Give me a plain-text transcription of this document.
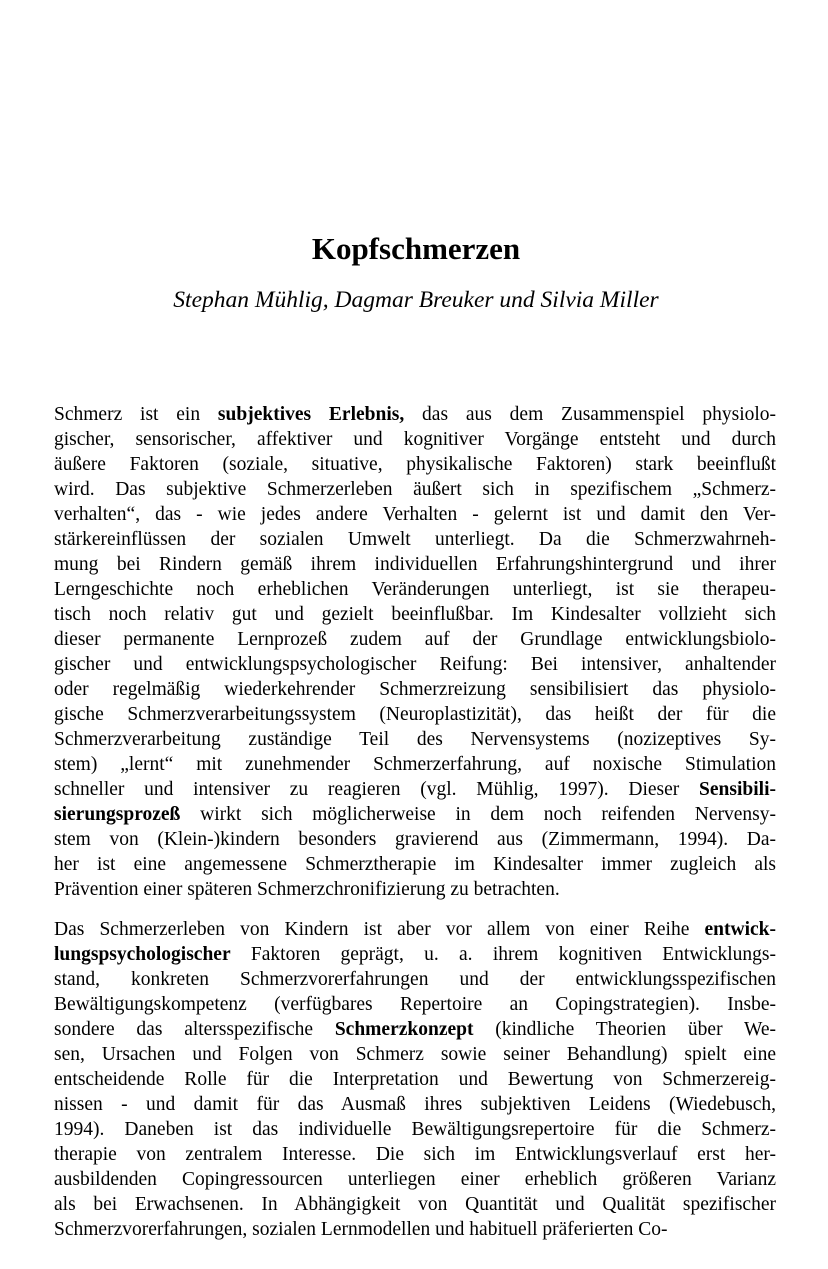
Kopfschmerzen
Stephan Mühlig, Dagmar Breuker und Silvia Miller
Schmerz ist ein subjektives Erlebnis, das aus dem Zusammenspiel physiolo-
gischer, sensorischer, affektiver und kognitiver Vorgänge entsteht und durch
äußere Faktoren (soziale, situative, physikalische Faktoren) stark beeinflußt
wird. Das subjektive Schmerzerleben äußert sich in spezifischem „Schmerz-
verhalten“, das - wie jedes andere Verhalten - gelernt ist und damit den Ver-
stärkereinflüssen der sozialen Umwelt unterliegt. Da die Schmerzwahrneh-
mung bei Rindern gemäß ihrem individuellen Erfahrungshintergrund und ihrer
Lerngeschichte noch erheblichen Veränderungen unterliegt, ist sie therapeu-
tisch noch relativ gut und gezielt beeinflußbar. Im Kindesalter vollzieht sich
dieser permanente Lernprozeß zudem auf der Grundlage entwicklungsbiolo-
gischer und entwicklungspsychologischer Reifung: Bei intensiver, anhaltender
oder regelmäßig wiederkehrender Schmerzreizung sensibilisiert das physiolo-
gische Schmerzverarbeitungssystem (Neuroplastizität), das heißt der für die
Schmerzverarbeitung zuständige Teil des Nervensystems (nozizeptives Sy-
stem) „lernt“ mit zunehmender Schmerzerfahrung, auf noxische Stimulation
schneller und intensiver zu reagieren (vgl. Mühlig, 1997). Dieser Sensibili-
sierungsprozeß wirkt sich möglicherweise in dem noch reifenden Nervensy-
stem von (Klein-)kindern besonders gravierend aus (Zimmermann, 1994). Da-
her ist eine angemessene Schmerztherapie im Kindesalter immer zugleich als
Prävention einer späteren Schmerzchronifizierung zu betrachten.
Das Schmerzerleben von Kindern ist aber vor allem von einer Reihe entwick-
lungspsychologischer Faktoren geprägt, u. a. ihrem kognitiven Entwicklungs-
stand, konkreten Schmerzvorerfahrungen und der entwicklungsspezifischen
Bewältigungskompetenz (verfügbares Repertoire an Copingstrategien). Insbe-
sondere das altersspezifische Schmerzkonzept (kindliche Theorien über We-
sen, Ursachen und Folgen von Schmerz sowie seiner Behandlung) spielt eine
entscheidende Rolle für die Interpretation und Bewertung von Schmerzereig-
nissen - und damit für das Ausmaß ihres subjektiven Leidens (Wiedebusch,
1994). Daneben ist das individuelle Bewältigungsrepertoire für die Schmerz-
therapie von zentralem Interesse. Die sich im Entwicklungsverlauf erst her-
ausbildenden Copingressourcen unterliegen einer erheblich größeren Varianz
als bei Erwachsenen. In Abhängigkeit von Quantität und Qualität spezifischer
Schmerzvorerfahrungen, sozialen Lernmodellen und habituell präferierten Co-
